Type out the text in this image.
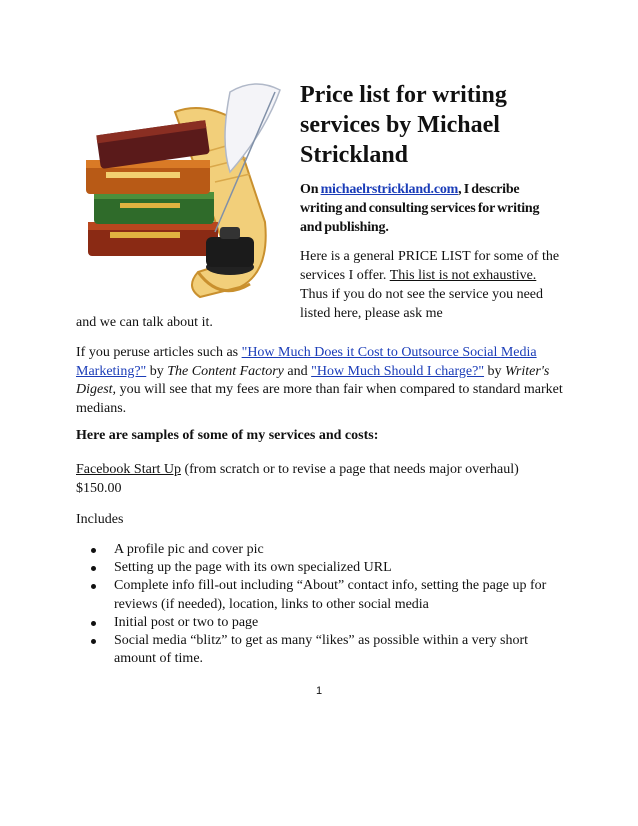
Price list for writing services by Michael Strickland
On michaelrstrickland.com, I describe writing and consulting services for writing and publishing.
Here is a general PRICE LIST for some of the services I offer. This list is not exhaustive. Thus if you do not see the service you need listed here, please ask me
and we can talk about it.
If you peruse articles such as "How Much Does it Cost to Outsource Social Media Marketing?" by The Content Factory and "How Much Should I charge?" by Writer's Digest, you will see that my fees are more than fair when compared to standard market medians.
Here are samples of some of my services and costs:
Facebook Start Up (from scratch or to revise a page that needs major overhaul)
$150.00
Includes
A profile pic and cover pic
Setting up the page with its own specialized URL
Complete info fill-out including “About” contact info, setting the page up for reviews (if needed), location, links to other social media
Initial post or two to page
Social media “blitz” to get as many “likes” as possible within a very short amount of time.
1
